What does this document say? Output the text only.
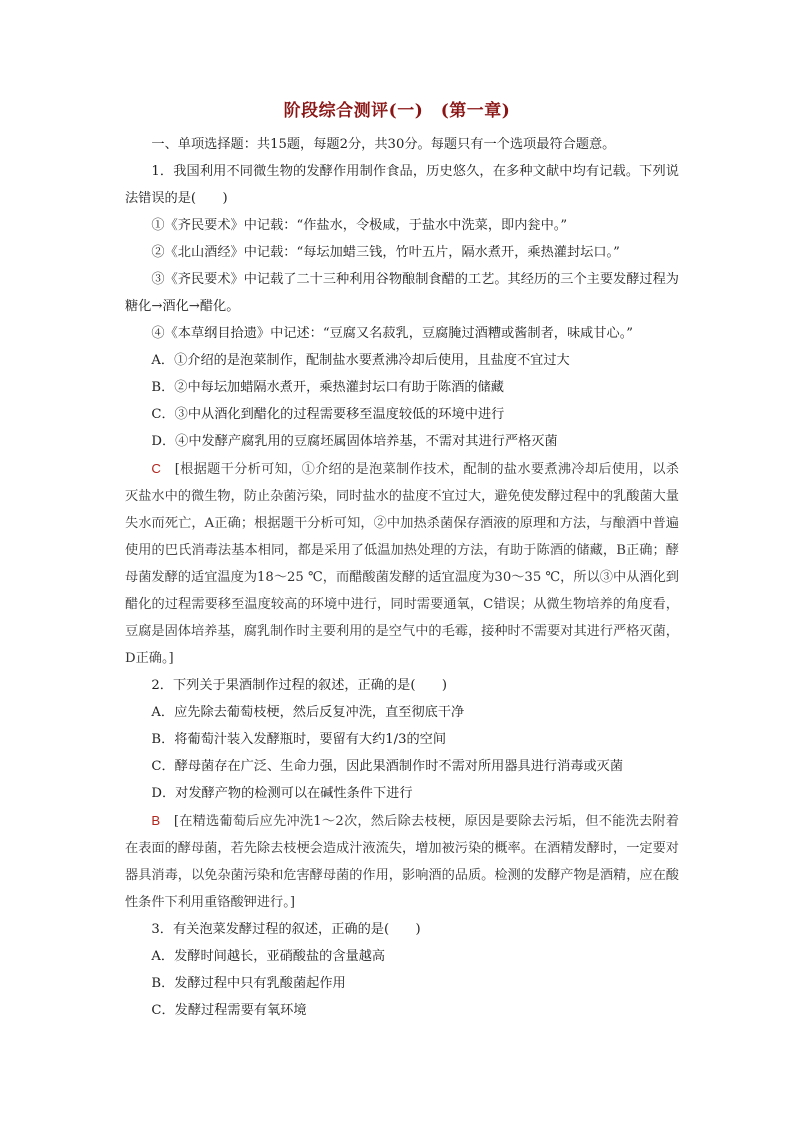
阶段综合测评(一)　(第一章)

一、单项选择题：共15题，每题2分，共30分。每题只有一个选项最符合题意。

1．我国利用不同微生物的发酵作用制作食品，历史悠久，在多种文献中均有记载。下列说法错误的是(　　)

①《齐民要术》中记载：“作盐水，令极咸，于盐水中洗菜，即内瓮中。”

②《北山酒经》中记载：“每坛加蜡三钱，竹叶五片，隔水煮开，乘热灌封坛口。”

③《齐民要术》中记载了二十三种利用谷物酿制食醋的工艺。其经历的三个主要发酵过程为糖化→酒化→醋化。

④《本草纲目拾遗》中记述：“豆腐又名菽乳，豆腐腌过酒糟或酱制者，味咸甘心。”

A．①介绍的是泡菜制作，配制盐水要煮沸冷却后使用，且盐度不宜过大

B．②中每坛加蜡隔水煮开，乘热灌封坛口有助于陈酒的储藏

C．③中从酒化到醋化的过程需要移至温度较低的环境中进行

D．④中发酵产腐乳用的豆腐坯属固体培养基，不需对其进行严格灭菌

C　 [根据题干分析可知，①介绍的是泡菜制作技术，配制的盐水要煮沸冷却后使用，以杀灭盐水中的微生物，防止杂菌污染，同时盐水的盐度不宜过大，避免使发酵过程中的乳酸菌大量失水而死亡，A正确；根据题干分析可知，②中加热杀菌保存酒液的原理和方法，与酿酒中普遍使用的巴氏消毒法基本相同，都是采用了低温加热处理的方法，有助于陈酒的储藏，B正确；酵母菌发酵的适宜温度为18～25 ℃，而醋酸菌发酵的适宜温度为30～35 ℃，所以③中从酒化到醋化的过程需要移至温度较高的环境中进行，同时需要通氧，C错误；从微生物培养的角度看，豆腐是固体培养基，腐乳制作时主要利用的是空气中的毛霉，接种时不需要对其进行严格灭菌，D正确。]

2．下列关于果酒制作过程的叙述，正确的是(　　)

A．应先除去葡萄枝梗，然后反复冲洗，直至彻底干净

B．将葡萄汁装入发酵瓶时，要留有大约1/3的空间

C．酵母菌存在广泛、生命力强，因此果酒制作时不需对所用器具进行消毒或灭菌

D．对发酵产物的检测可以在碱性条件下进行

B　 [在精选葡萄后应先冲洗1～2次，然后除去枝梗，原因是要除去污垢，但不能洗去附着在表面的酵母菌，若先除去枝梗会造成汁液流失，增加被污染的概率。在酒精发酵时，一定要对器具消毒，以免杂菌污染和危害酵母菌的作用，影响酒的品质。检测的发酵产物是酒精，应在酸性条件下利用重铬酸钾进行。]

3．有关泡菜发酵过程的叙述，正确的是(　　)

A．发酵时间越长，亚硝酸盐的含量越高

B．发酵过程中只有乳酸菌起作用

C．发酵过程需要有氧环境
